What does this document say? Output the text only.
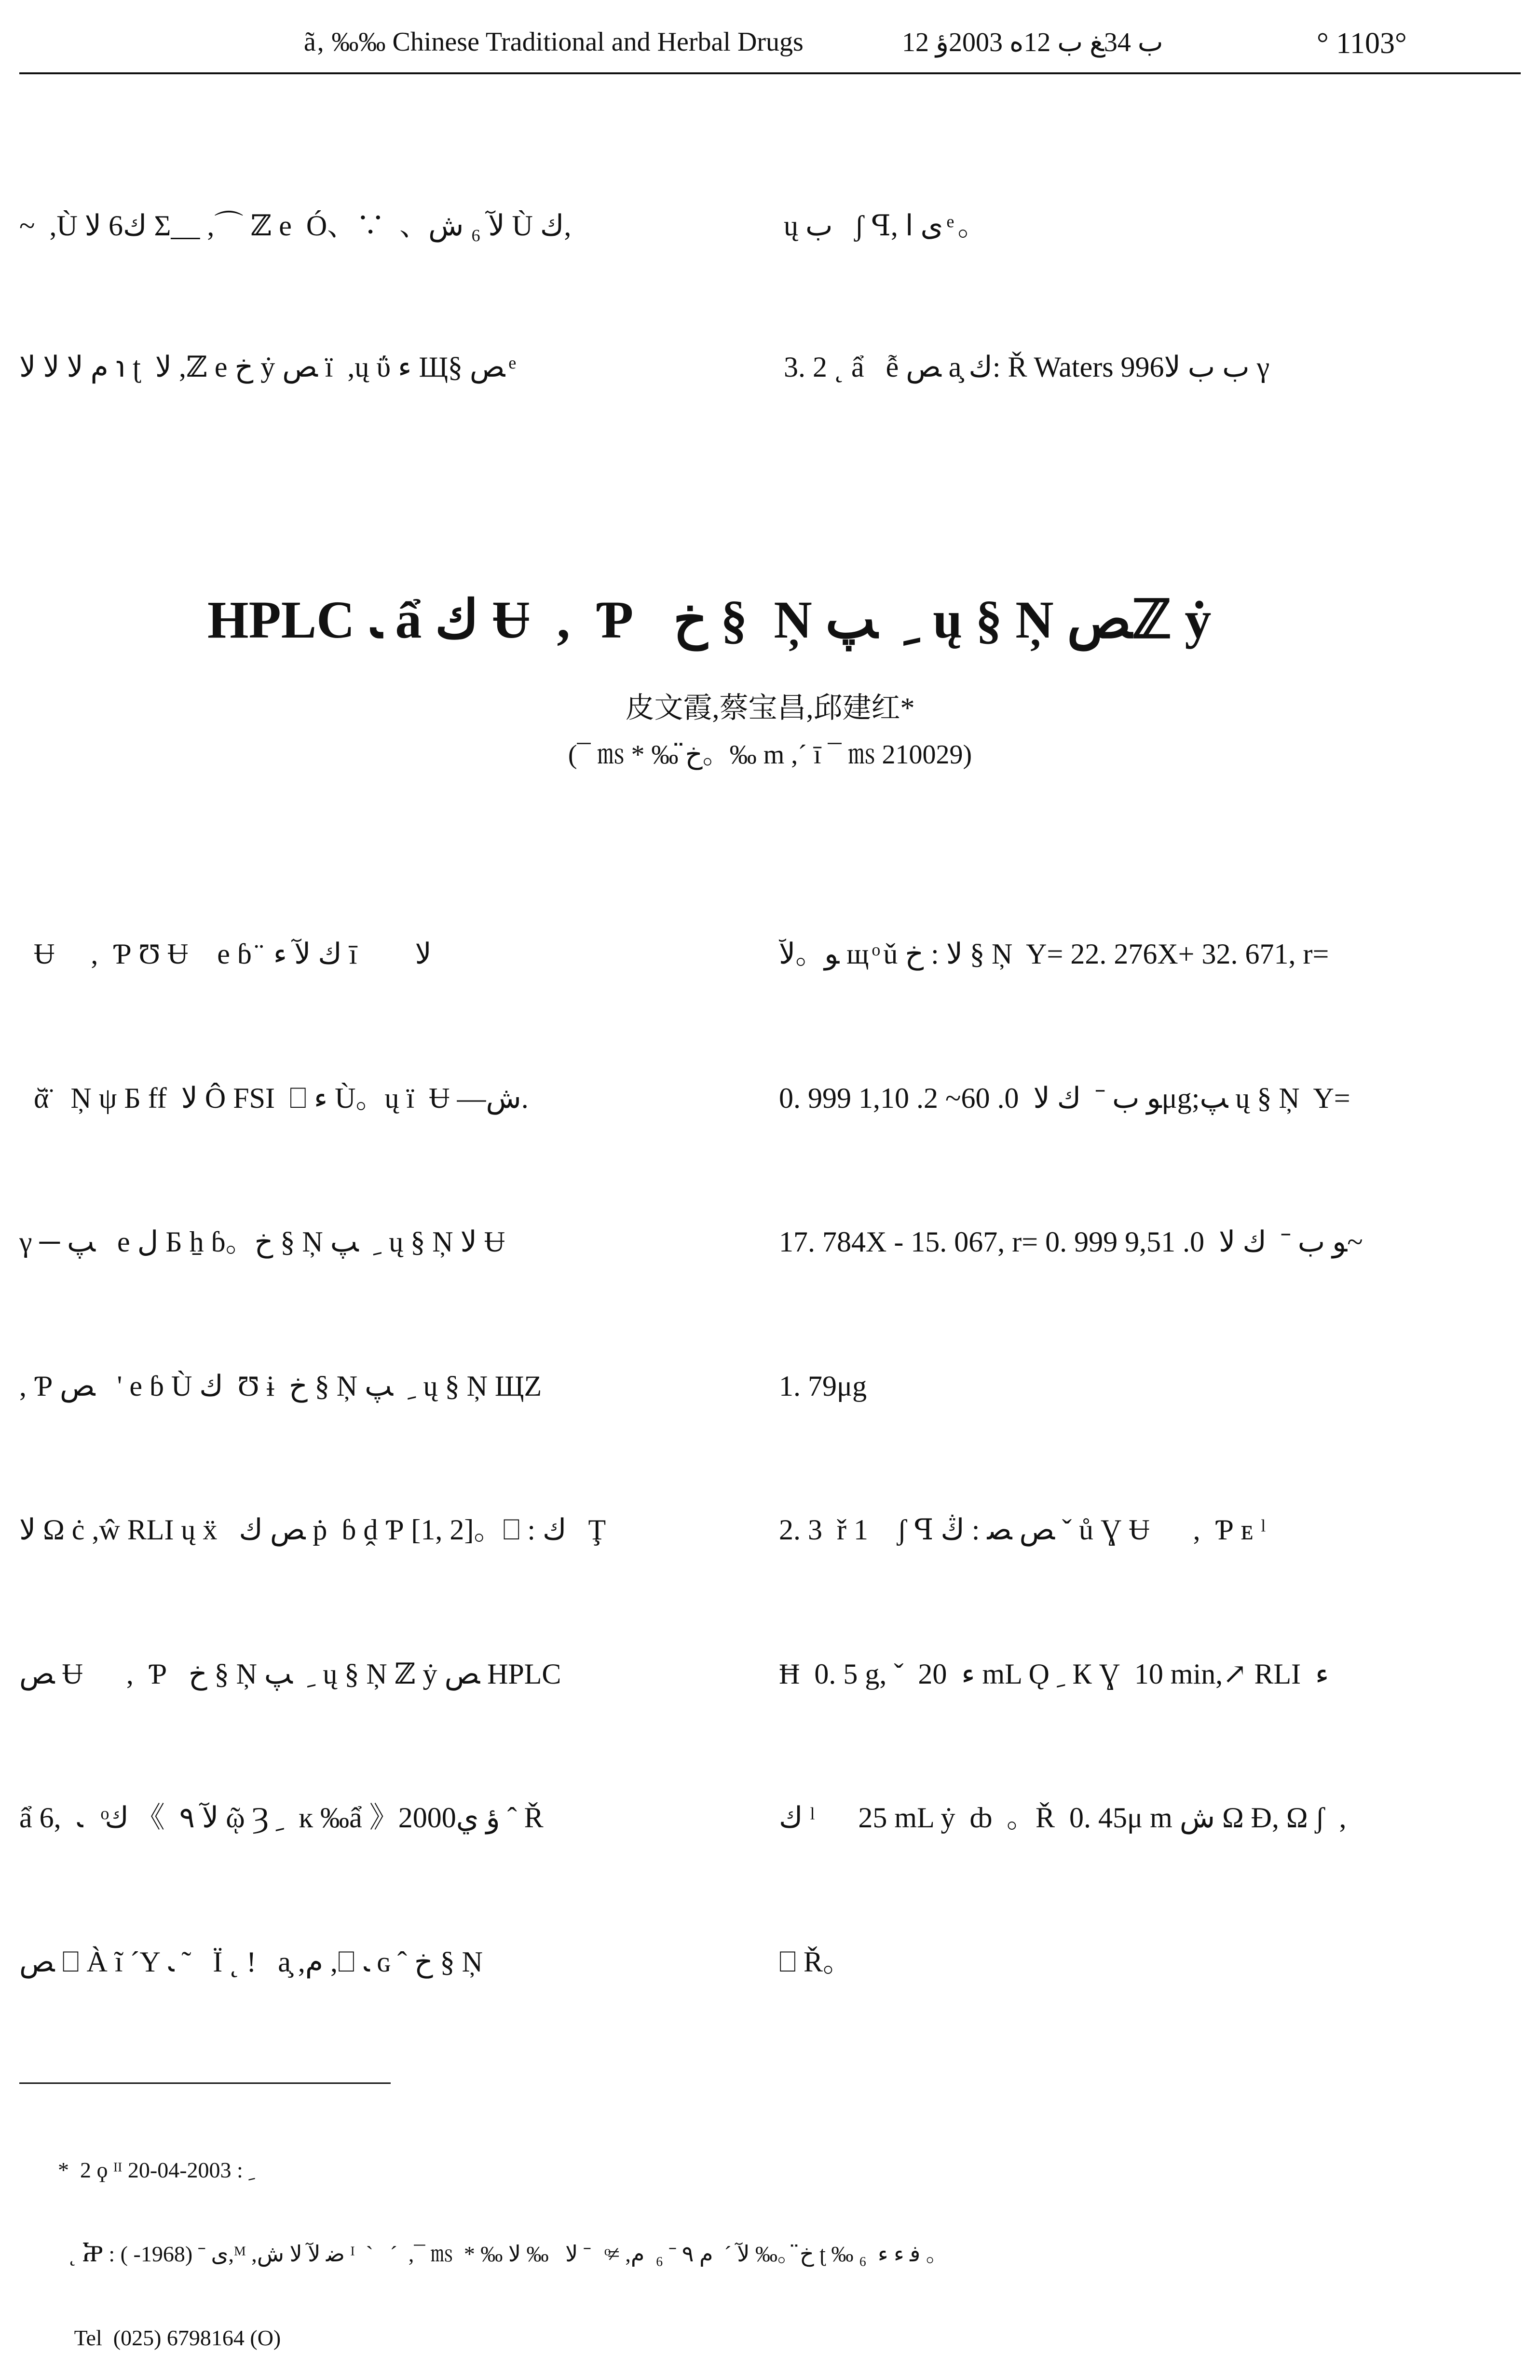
ã‚ ‰‰ Chinese Traditional and Herbal Drugs	ﺏ 34ﻎ ﺏ 12ﻩ 2003ﺅ 12	° 1103°

~  ,Ù ﻙ6 ﻻ Σ__ ,⌒ ℤ e  Ó、∵  、ﻵ ₆ ﺵ Ù ﻙ,

ﻡ ﻻ ﻻ ﻻ ℩ ʈ  ﻻ ,ℤ e ﺥ ẏ ﺺ ï  ,ų ΰ ﺀ Щ§ ﺺ ͤ

ų ﺏ   ʃ ꟼ, ﻯ ﺍ ͤ 。

3. 2 ˛ ẩ   ễ ﺺ a̧ ﻙ: Ř Waters 996ﺏ ﺏ ﻻ γ

HPLC ﹳ ẩ ﻙ Ʉ  ,  Ƥ   ﺥ §  Ņ ﹺ  ﭗ ų § Ņ ﺺℤ ẏ
皮文霞,蔡宝昌,邱建红*
(¯ ㎳ * ‰ ﺥ̈。‰ m ,´ ī ¯ ㎳ 210029)

Ʉ     ,  Ƥ Ʊ Ʉ    e ɓ ̈  ﻙ ﻵ ﺀ ī        ﻻ

ᾰ̈   Ņ ψ Б ff  ﻻ Ô FSI  ⎕ ﺀ Ù。ų ï  Ʉ —ﺵ.

γ ─ ﭗ   e ﻝ Б ẖ ɓ。ﺥ § Ņ ﹺ  ﭗ ų § Ņ ﻻ Ʉ

, Ƥ ﺺ   ' e ɓ Ù ﻙ  Ʊ ɨ  ﺥ § Ņ ﹺ  ﭗ ų § Ņ ЩZ

ﻻ Ω ċ ,ŵ RLI ų ẍ   ﺺ ﻙ ṗ  ɓ ḓ Ƥ [1, 2]。⎕ : ﻙ   Ţ

ﺺ Ʉ      ,  Ƥ   ﺥ § Ņ ﹺ  ﭗ ų § Ņ ℤ ẏ ﺺ HPLC

ẩ ﻙ ͦ  ﹳ  ,6 《  ﻵ ٩ ῷ Ȝ ﹺ  ĸ ‰ẩ 》2000ﺅ ﻱ ˆ Ř

ﺺ ⎕ À ĩ ´Y ﹳ ˜   Ï ˛ !   a̧ ,ﻡ ,⎕ ﹳ ɢ ˆ ﺥ § Ņ

ﻮ。ﻵ щ ͦ ǔ ﻻ : ﺥ § Ņ  Y= 22. 276X+ 32. 671, r=

0. 999 1,ﻮ ﺏ ˉ  ﻙ ﻻ  0. 60~ 2. 10μg;ﭗ ų § Ņ  Y=

17. 784X - 15. 067, r= 0. 999 9,ﻮ ﺏ ˉ  ﻙ ﻻ  0. 51~

1. 79μg

2. 3  ř 1    ʃ ꟼ ﺺ ﺼ : ﯓ ˇ ů Ɣ Ʉ      ,  Ƥ ᴇ ˡ

Ħ  0. 5 g, ˇ  ﺀ  20 mL Ǫ ﹺ К Ɣ  10 min,↗ RLI  ﺀ

ﻙ ˡ      25 mL ẏ  ȸ  。Ř  0. 45μ m ﺵ Ω Ɖ, Ω ʃ  ,

⎕ Ř。

*  2 ϙ ᴵᴵ ﹺ : 2003-04-20

˛ Ⴟ : ﻯ ˉ (1968- ),ᴹ ,ﺿ ﻵ ﻻ ﺵ ᴵ  ˋ   ˊ  ,¯ ㎳  * ‰ ﺥ̈。‰ ﻵ ´  ﻡ ٩ ˉ ₆  ﻡ, ≠ ͦ  ˉ ﻻ   ‰ ﻻ ʈ ‰ ₆  ﻓ ﺀ ﺀ 。

Tel  (025) 6798164 (O)
